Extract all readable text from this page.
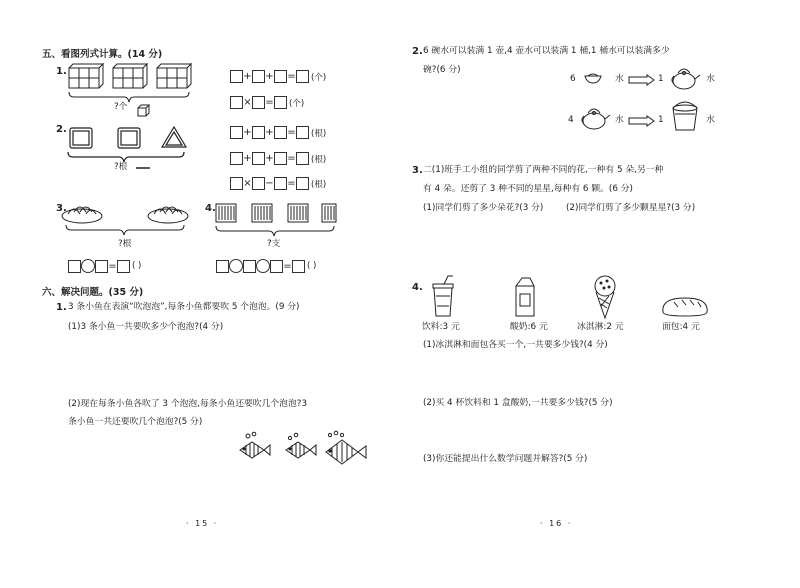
五、看图列式计算。(14 分)
1.
?个
+ + = (个)
× = (个)
2.
?根
+ + = (根)
+ + = (根)
× − = (根)
3.
?根
= ( )
4.
?支
= ( )
六、解决问题。(35 分)
1. 3 条小鱼在表演“吹泡泡”,每条小鱼都要吹 5 个泡泡。(9 分)
(1)3 条小鱼一共要吹多少个泡泡?(4 分)
(2)现在每条小鱼各吹了 3 个泡泡,每条小鱼还要吹几个泡泡?3
条小鱼一共还要吹几个泡泡?(5 分)
· 15 ·
2. 6 碗水可以装满 1 壶,4 壶水可以装满 1 桶,1 桶水可以装满多少
碗?(6 分)
6	水	1	水
4	水	1	水
3. 二(1)班手工小组的同学剪了两种不同的花,一种有 5 朵,另一种
有 4 朵。还剪了 3 种不同的星星,每种有 6 颗。(6 分)
(1)同学们剪了多少朵花?(3 分)	(2)同学们剪了多少颗星星?(3 分)
4.
饮料:3 元	酸奶:6 元	冰淇淋:2 元	面包:4 元
(1)冰淇淋和面包各买一个,一共要多少钱?(4 分)
(2)买 4 杯饮料和 1 盒酸奶,一共要多少钱?(5 分)
(3)你还能提出什么数学问题并解答?(5 分)
· 16 ·
